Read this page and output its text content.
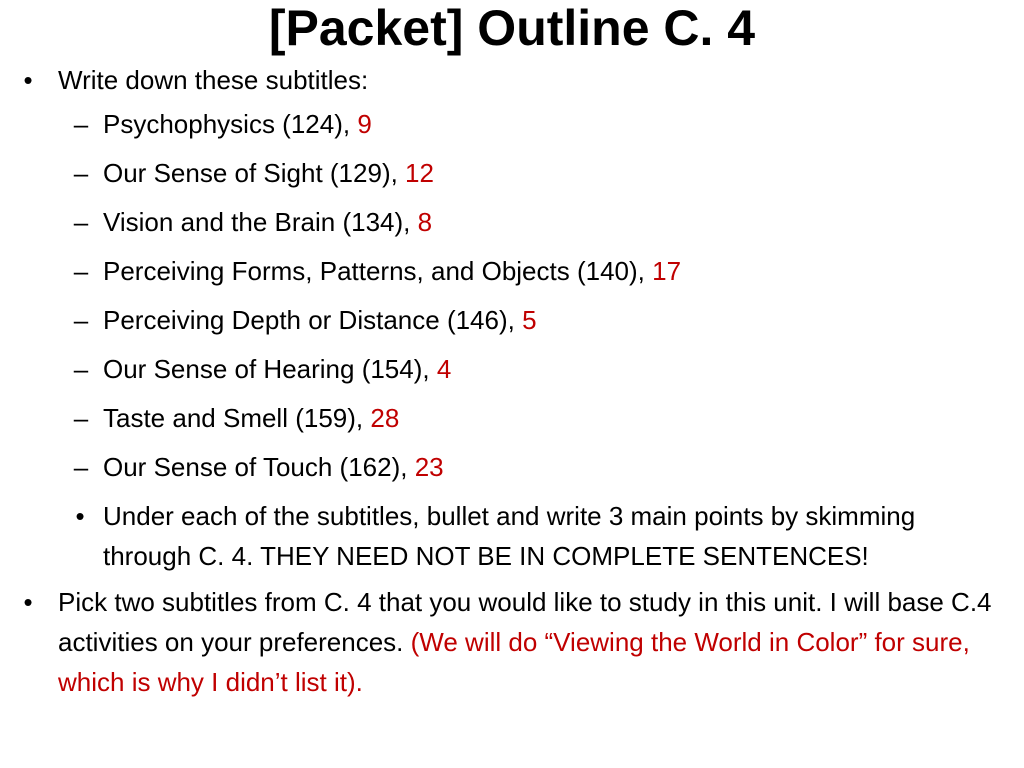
[Packet] Outline C. 4
• Write down these subtitles:
– Psychophysics (124), 9
– Our Sense of Sight (129), 12
– Vision and the Brain (134), 8
– Perceiving Forms, Patterns, and Objects (140), 17
– Perceiving Depth or Distance (146), 5
– Our Sense of Hearing (154), 4
– Taste and Smell (159), 28
– Our Sense of Touch (162), 23
• Under each of the subtitles, bullet and write 3 main points by skimming through C. 4. THEY NEED NOT BE IN COMPLETE SENTENCES!
• Pick two subtitles from C. 4 that you would like to study in this unit. I will base C.4 activities on your preferences. (We will do “Viewing the World in Color” for sure, which is why I didn’t list it).
